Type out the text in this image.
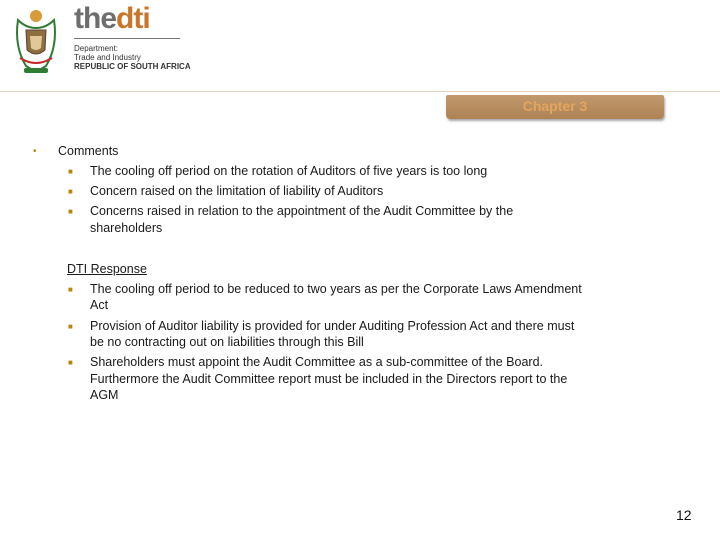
the dti
Department:
Trade and Industry
REPUBLIC OF SOUTH AFRICA
Chapter 3
• Comments
■ The cooling off period on the rotation of Auditors of five years is too long
■ Concern raised on the limitation of liability of Auditors
■ Concerns raised in relation to the appointment of the Audit Committee by the
shareholders
DTI Response
■ The cooling off period to be reduced to two years as per the Corporate Laws Amendment
Act
■ Provision of Auditor liability is provided for under Auditing Profession Act and there must
be no contracting out on liabilities through this Bill
■ Shareholders must appoint the Audit Committee as a sub-committee of the Board.
Furthermore the Audit Committee report must be included in the Directors report to the
AGM
12
